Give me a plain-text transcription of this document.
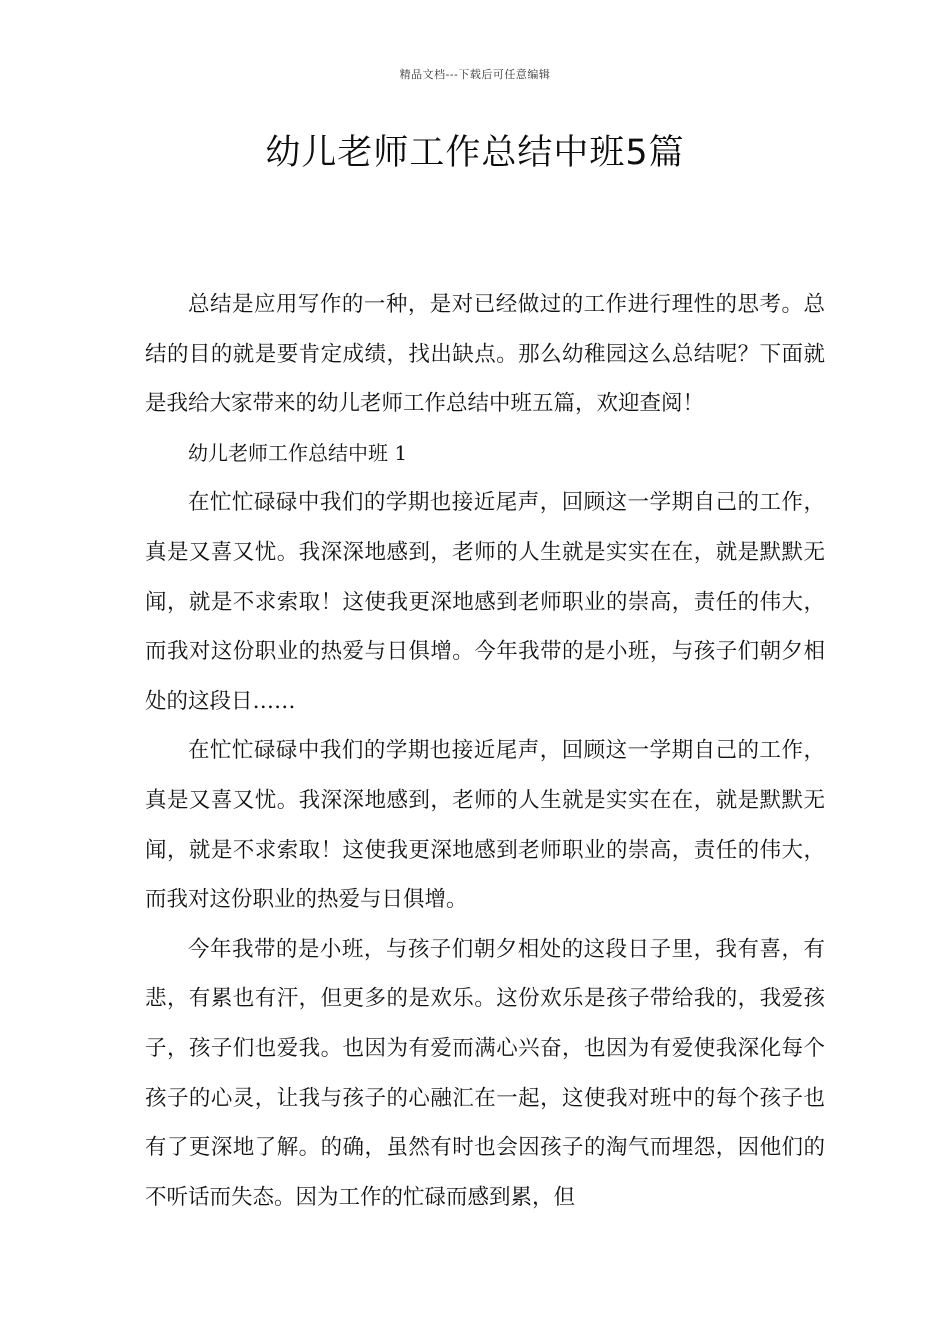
精品文档---下载后可任意编辑
幼儿老师工作总结中班5篇

总结是应用写作的一种，是对已经做过的工作进行理性的思考。总结的目的就是要肯定成绩，找出缺点。那么幼稚园这么总结呢？下面就是我给大家带来的幼儿老师工作总结中班五篇，欢迎查阅！

幼儿老师工作总结中班 1

在忙忙碌碌中我们的学期也接近尾声，回顾这一学期自己的工作，真是又喜又忧。我深深地感到，老师的人生就是实实在在，就是默默无闻，就是不求索取！这使我更深地感到老师职业的崇高，责任的伟大，而我对这份职业的热爱与日俱增。今年我带的是小班，与孩子们朝夕相处的这段日……

在忙忙碌碌中我们的学期也接近尾声，回顾这一学期自己的工作，真是又喜又忧。我深深地感到，老师的人生就是实实在在，就是默默无闻，就是不求索取！这使我更深地感到老师职业的崇高，责任的伟大，而我对这份职业的热爱与日俱增。

今年我带的是小班，与孩子们朝夕相处的这段日子里，我有喜，有悲，有累也有汗，但更多的是欢乐。这份欢乐是孩子带给我的，我爱孩子，孩子们也爱我。也因为有爱而满心兴奋，也因为有爱使我深化每个孩子的心灵，让我与孩子的心融汇在一起，这使我对班中的每个孩子也有了更深地了解。的确，虽然有时也会因孩子的淘气而埋怨，因他们的不听话而失态。因为工作的忙碌而感到累，但
